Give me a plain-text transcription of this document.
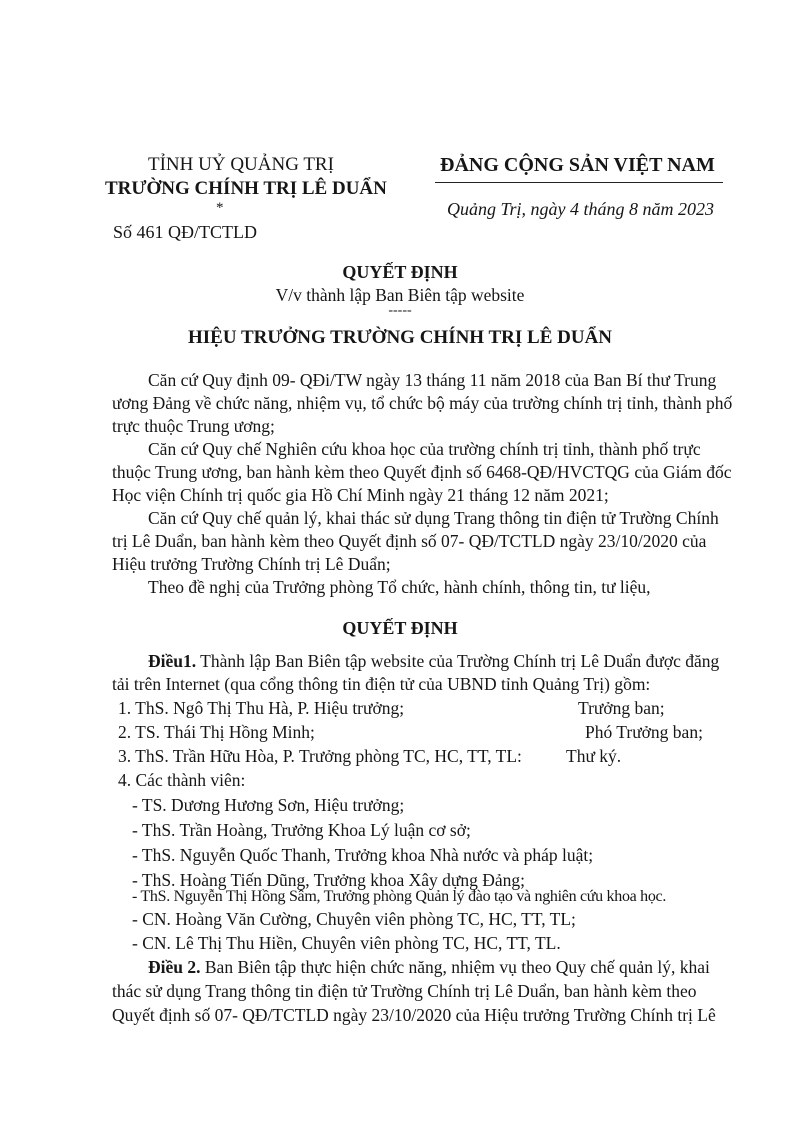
TỈNH UỶ QUẢNG TRỊ
TRƯỜNG CHÍNH TRỊ LÊ DUẨN
*
Số 461 QĐ/TCTLD
ĐẢNG CỘNG SẢN VIỆT NAM
Quảng Trị, ngày 4 tháng 8 năm 2023
QUYẾT ĐỊNH
V/v thành lập Ban Biên tập website
-----
HIỆU TRƯỞNG TRƯỜNG CHÍNH TRỊ LÊ DUẨN
Căn cứ Quy định 09- QĐi/TW ngày 13 tháng 11 năm 2018 của Ban Bí thư Trung
ương Đảng về chức năng, nhiệm vụ, tổ chức bộ máy của trường chính trị tỉnh, thành phố
trực thuộc Trung ương;
Căn cứ Quy chế Nghiên cứu khoa học của trường chính trị tỉnh, thành phố trực
thuộc Trung ương, ban hành kèm theo Quyết định số 6468-QĐ/HVCTQG của Giám đốc
Học viện Chính trị quốc gia Hồ Chí Minh ngày 21 tháng 12 năm 2021;
Căn cứ Quy chế quản lý, khai thác sử dụng Trang thông tin điện tử Trường Chính
trị Lê Duẩn, ban hành kèm theo Quyết định số 07- QĐ/TCTLD ngày 23/10/2020 của
Hiệu trưởng Trường Chính trị Lê Duẩn;
Theo đề nghị của Trưởng phòng Tổ chức, hành chính, thông tin, tư liệu,
QUYẾT ĐỊNH
Điều1. Thành lập Ban Biên tập website của Trường Chính trị Lê Duẩn được đăng
tải trên Internet (qua cổng thông tin điện tử của UBND tỉnh Quảng Trị) gồm:
1. ThS. Ngô Thị Thu Hà, P. Hiệu trưởng;	Trưởng ban;
2. TS. Thái Thị Hồng Minh;	Phó Trưởng ban;
3. ThS. Trần Hữu Hòa, P. Trưởng phòng TC, HC, TT, TL:	Thư ký.
4. Các thành viên:
- TS. Dương Hương Sơn, Hiệu trưởng;
- ThS. Trần Hoàng, Trưởng Khoa Lý luận cơ sở;
- ThS. Nguyễn Quốc Thanh, Trưởng khoa Nhà nước và pháp luật;
- ThS. Hoàng Tiến Dũng, Trưởng khoa Xây dựng Đảng;
- ThS. Nguyễn Thị Hồng Sâm, Trưởng phòng Quản lý đào tạo và nghiên cứu khoa học.
- CN. Hoàng Văn Cường, Chuyên viên phòng TC, HC, TT, TL;
- CN. Lê Thị Thu Hiền, Chuyên viên phòng TC, HC, TT, TL.
Điều 2. Ban Biên tập thực hiện chức năng, nhiệm vụ theo Quy chế quản lý, khai
thác sử dụng Trang thông tin điện tử Trường Chính trị Lê Duẩn, ban hành kèm theo
Quyết định số 07- QĐ/TCTLD ngày 23/10/2020 của Hiệu trưởng Trường Chính trị Lê
